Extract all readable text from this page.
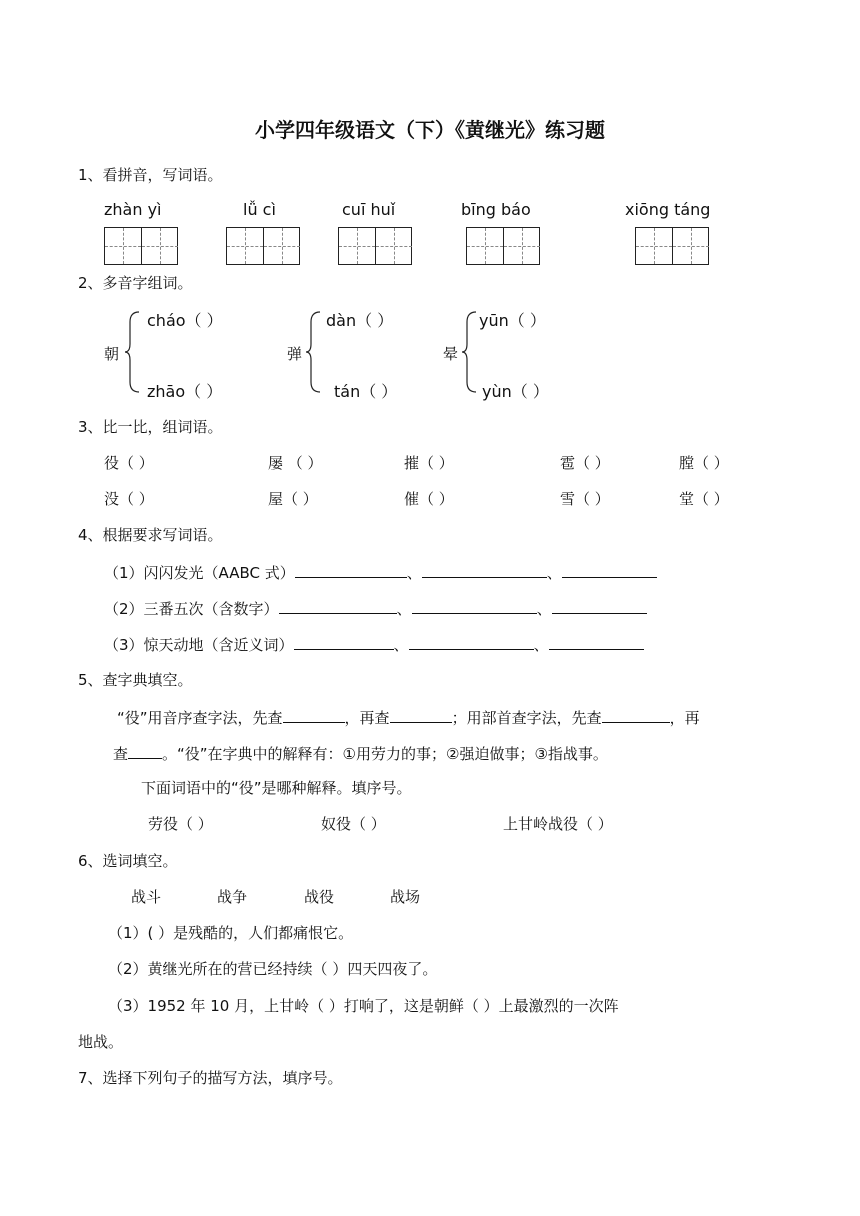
小学四年级语文（下）《黄继光》练习题
1、看拼音，写词语。
zhàn yì	lǚ cì	cuī huǐ	bīng báo	xiōng táng
2、多音字组词。
朝
cháo（ ）
zhāo（ ）
弹
dàn（ ）
tán（ ）
晕
yūn（ ）
yùn（ ）
3、比一比，组词语。
役（ ）	屡 （ ）	摧（ ）	雹（ ）	膛（ ）
没（ ）	屋（ ）	催（ ）	雪（ ）	堂（ ）
4、根据要求写词语。
（1）闪闪发光（AABC 式）	、	、
（2）三番五次（含数字）	、	、
（3）惊天动地（含近义词）	、	、
5、查字典填空。
“役”用音序查字法，先查	，再查	；用部首查字法，先查	，再
查 。“役”在字典中的解释有：①用劳力的事；②强迫做事；③指战事。
下面词语中的“役”是哪种解释。填序号。
劳役（ ）	奴役（ ）	上甘岭战役（ ）
6、选词填空。
战斗	战争	战役	战场
（1）( ）是残酷的，人们都痛恨它。
（2）黄继光所在的营已经持续（ ）四天四夜了。
（3）1952 年 10 月，上甘岭（ ）打响了，这是朝鲜（ ）上最激烈的一次阵
地战。
7、选择下列句子的描写方法，填序号。
